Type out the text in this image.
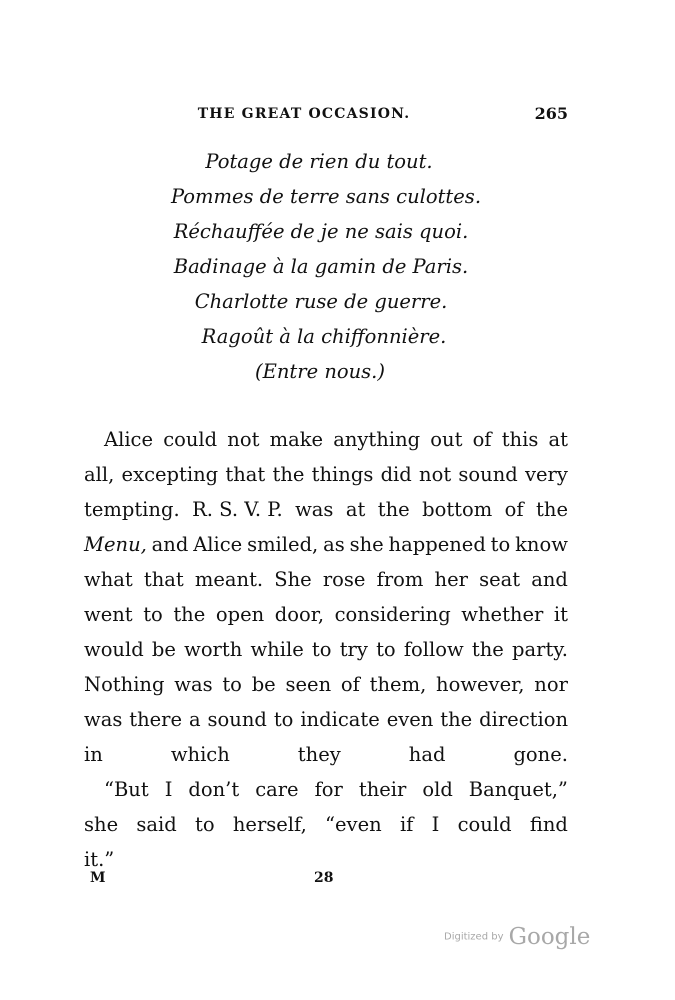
THE GREAT OCCASION.	265
Potage de rien du tout.
Pommes de terre sans culottes.
Réchauffée de je ne sais quoi.
Badinage à la gamin de Paris.
Charlotte ruse de guerre.
Ragoût à la chiffonnière.
(Entre nous.)
Alice could not make anything out of this at
all, excepting that the things did not sound very
tempting. R. S. V. P. was at the bottom of the
Menu, and Alice smiled, as she happened to know
what that meant. She rose from her seat and
went to the open door, considering whether it
would be worth while to try to follow the party.
Nothing was to be seen of them, however, nor
was there a sound to indicate even the direction
in	which	they	had	gone.
“But I don’t care for their old Banquet,”
she said to herself, “even if I could find
it.”
M	28
Digitized by Google
